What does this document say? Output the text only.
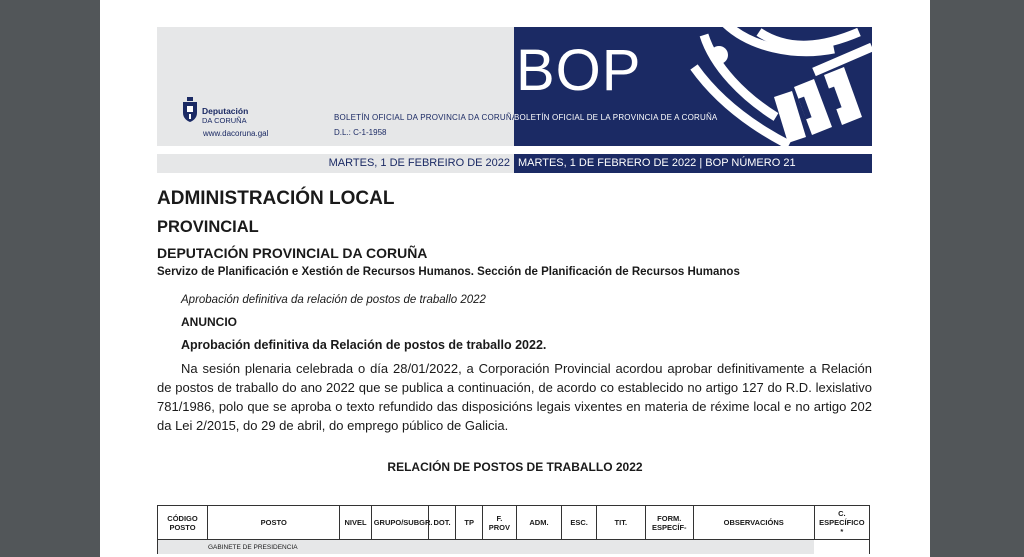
BOP
Deputación
DA CORUÑA
www.dacoruna.gal
BOLETÍN OFICIAL DA PROVINCIA DA CORUÑA
BOLETÍN OFICIAL DE LA PROVINCIA DE A CORUÑA
D.L.: C-1-1958
MARTES, 1 DE FEBREIRO DE 2022 MARTES, 1 DE FEBRERO DE 2022 | BOP NÚMERO 21
ADMINISTRACIÓN LOCAL
PROVINCIAL
DEPUTACIÓN PROVINCIAL DA CORUÑA
Servizo de Planificación e Xestión de Recursos Humanos. Sección de Planificación de Recursos Humanos
Aprobación definitiva da relación de postos de traballo 2022
ANUNCIO
Aprobación definitiva da Relación de postos de traballo 2022.
Na sesión plenaria celebrada o día 28/01/2022, a Corporación Provincial acordou aprobar definitivamente a Relación de postos de traballo do ano 2022 que se publica a continuación, de acordo co establecido no artigo 127 do R.D. lexislativo 781/1986, polo que se aproba o texto refundido das disposicións legais vixentes en materia de réxime local e no artigo 202 da Lei 2/2015, do 29 de abril, do emprego público de Galicia.
RELACIÓN DE POSTOS DE TRABALLO 2022
CÓDIGO POSTO	POSTO	NIVEL	GRUPO/SUBGR.	DOT.	TP	F. PROV	ADM.	ESC.	TIT.	FORM. ESPECÍF-	OBSERVACIÓNS	C. ESPECÍFICO *
GABINETE DE PRESIDENCIA												
